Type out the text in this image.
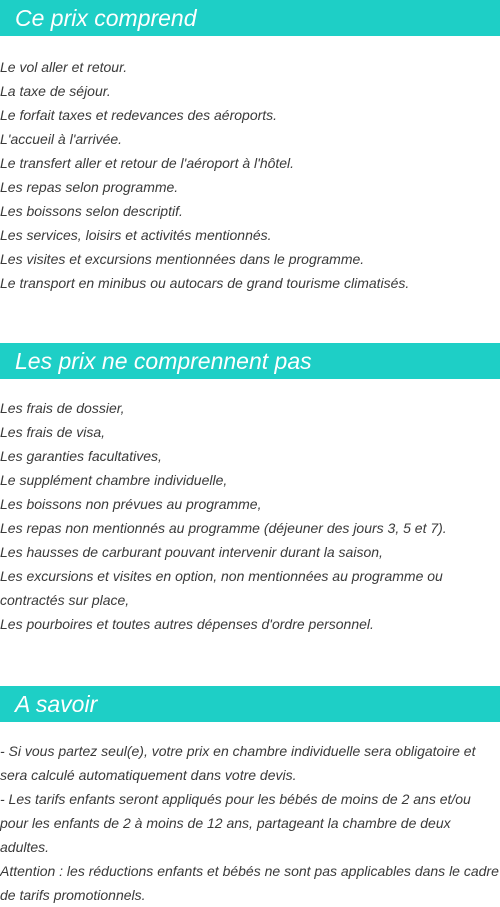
Ce prix comprend
Le vol aller et retour.
La taxe de séjour.
Le forfait taxes et redevances des aéroports.
L'accueil à l'arrivée.
Le transfert aller et retour de l'aéroport à l'hôtel.
Les repas selon programme.
Les boissons selon descriptif.
Les services, loisirs et activités mentionnés.
Les visites et excursions mentionnées dans le programme.
Le transport en minibus ou autocars de grand tourisme climatisés.
Les prix ne comprennent pas
Les frais de dossier,
Les frais de visa,
Les garanties facultatives,
Le supplément chambre individuelle,
Les boissons non prévues au programme,
Les repas non mentionnés au programme (déjeuner des jours 3, 5 et 7).
Les hausses de carburant pouvant intervenir durant la saison,
Les excursions et visites en option, non mentionnées au programme ou
contractés sur place,
Les pourboires et toutes autres dépenses d'ordre personnel.
A savoir
- Si vous partez seul(e), votre prix en chambre individuelle sera obligatoire et sera calculé automatiquement dans votre devis.
- Les tarifs enfants seront appliqués pour les bébés de moins de 2 ans et/ou pour les enfants de 2 à moins de 12 ans, partageant la chambre de deux adultes.
Attention : les réductions enfants et bébés ne sont pas applicables dans le cadre de tarifs promotionnels.
